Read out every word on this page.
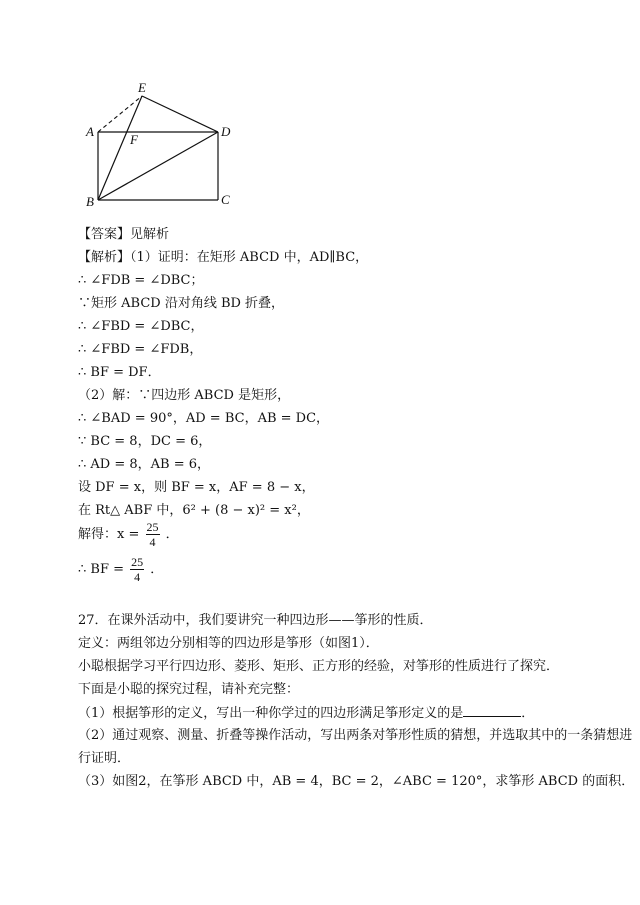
E
A
F
D
B	C
【答案】见解析
【解析】（1）证明：在矩形 ABCD 中，AD∥BC，
∴ ∠FDB = ∠DBC；
∵矩形 ABCD 沿对角线 BD 折叠，
∴ ∠FBD = ∠DBC，
∴ ∠FBD = ∠FDB，
∴ BF = DF．
（2）解：∵四边形 ABCD 是矩形，
∴ ∠BAD = 90°，AD = BC，AB = DC，
∵ BC = 8，DC = 6，
∴ AD = 8，AB = 6，
设 DF = x，则 BF = x，AF = 8 − x，
在 Rt△ ABF 中，6² + (8 − x)² = x²，
解得：$x = \frac{25}{4}$ ．
∴ BF = $\frac{25}{4}$ ．
27．在课外活动中，我们要讲究一种四边形——筝形的性质．
定义：两组邻边分别相等的四边形是筝形（如图1）．
小聪根据学习平行四边形、菱形、矩形、正方形的经验，对筝形的性质进行了探究．
下面是小聪的探究过程，请补充完整：
（1）根据筝形的定义，写出一种你学过的四边形满足筝形定义的是	．
（2）通过观察、测量、折叠等操作活动，写出两条对筝形性质的猜想，并选取其中的一条猜想进
行证明．
（3）如图2，在筝形 ABCD 中，AB = 4，BC = 2，∠ABC = 120°，求筝形 ABCD 的面积．
